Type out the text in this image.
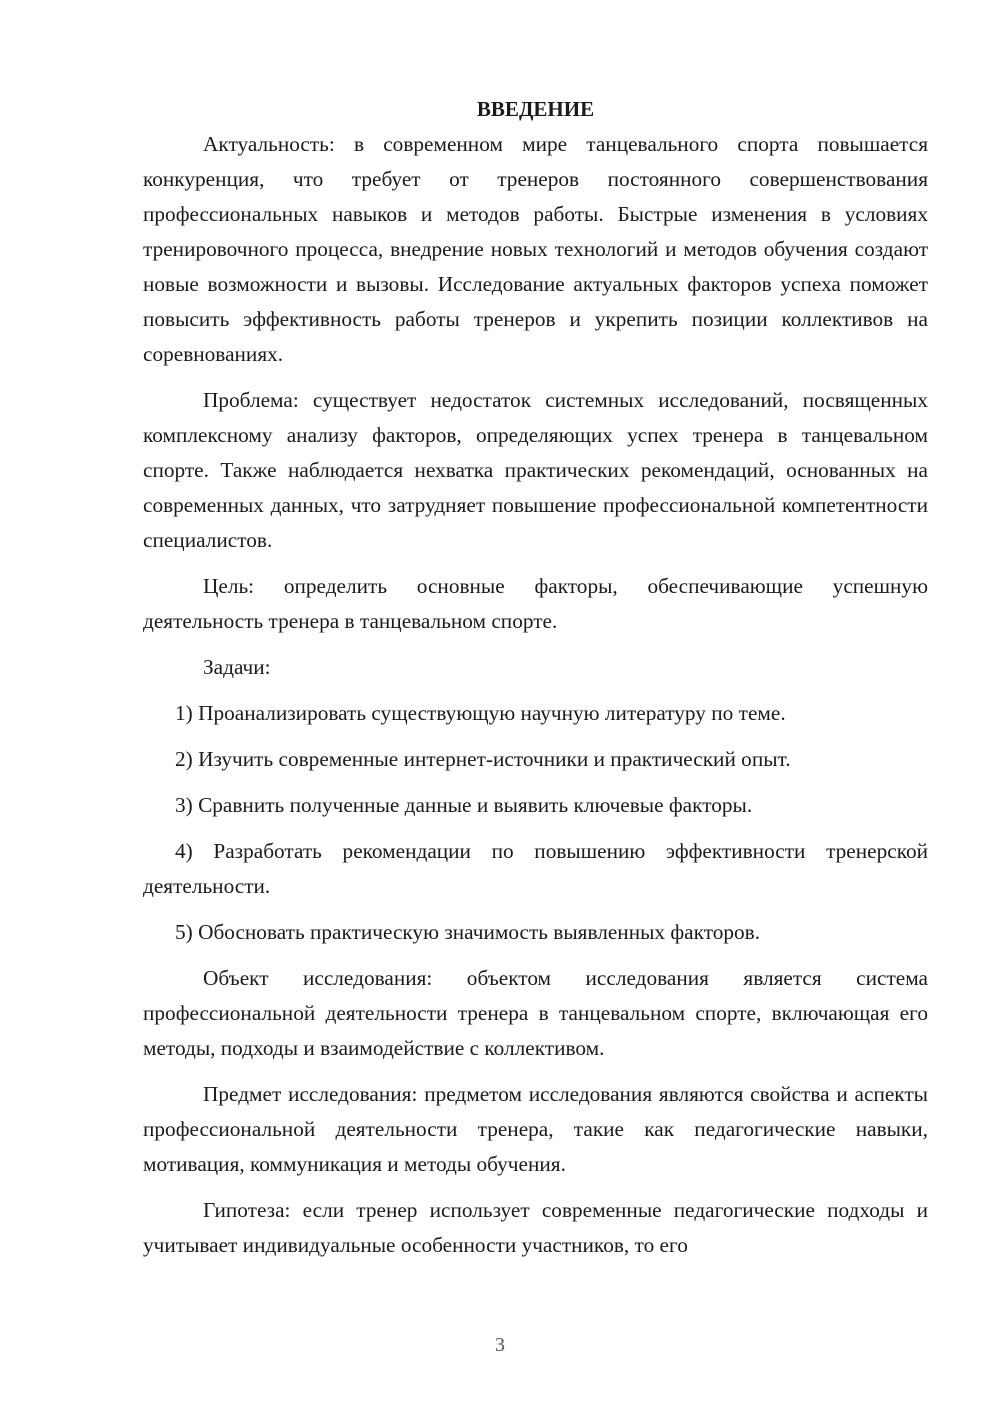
ВВЕДЕНИЕ

Актуальность: в современном мире танцевального спорта повышается конкуренция, что требует от тренеров постоянного совершенствования профессиональных навыков и методов работы. Быстрые изменения в условиях тренировочного процесса, внедрение новых технологий и методов обучения создают новые возможности и вызовы. Исследование актуальных факторов успеха поможет повысить эффективность работы тренеров и укрепить позиции коллективов на соревнованиях.

Проблема: существует недостаток системных исследований, посвященных комплексному анализу факторов, определяющих успех тренера в танцевальном спорте. Также наблюдается нехватка практических рекомендаций, основанных на современных данных, что затрудняет повышение профессиональной компетентности специалистов.

Цель: определить основные факторы, обеспечивающие успешную деятельность тренера в танцевальном спорте.

Задачи:

1) Проанализировать существующую научную литературу по теме.

2) Изучить современные интернет-источники и практический опыт.

3) Сравнить полученные данные и выявить ключевые факторы.

4) Разработать рекомендации по повышению эффективности тренерской деятельности.

5) Обосновать практическую значимость выявленных факторов.

Объект исследования: объектом исследования является система профессиональной деятельности тренера в танцевальном спорте, включающая его методы, подходы и взаимодействие с коллективом.

Предмет исследования: предметом исследования являются свойства и аспекты профессиональной деятельности тренера, такие как педагогические навыки, мотивация, коммуникация и методы обучения.

Гипотеза: если тренер использует современные педагогические подходы и учитывает индивидуальные особенности участников, то его

3
